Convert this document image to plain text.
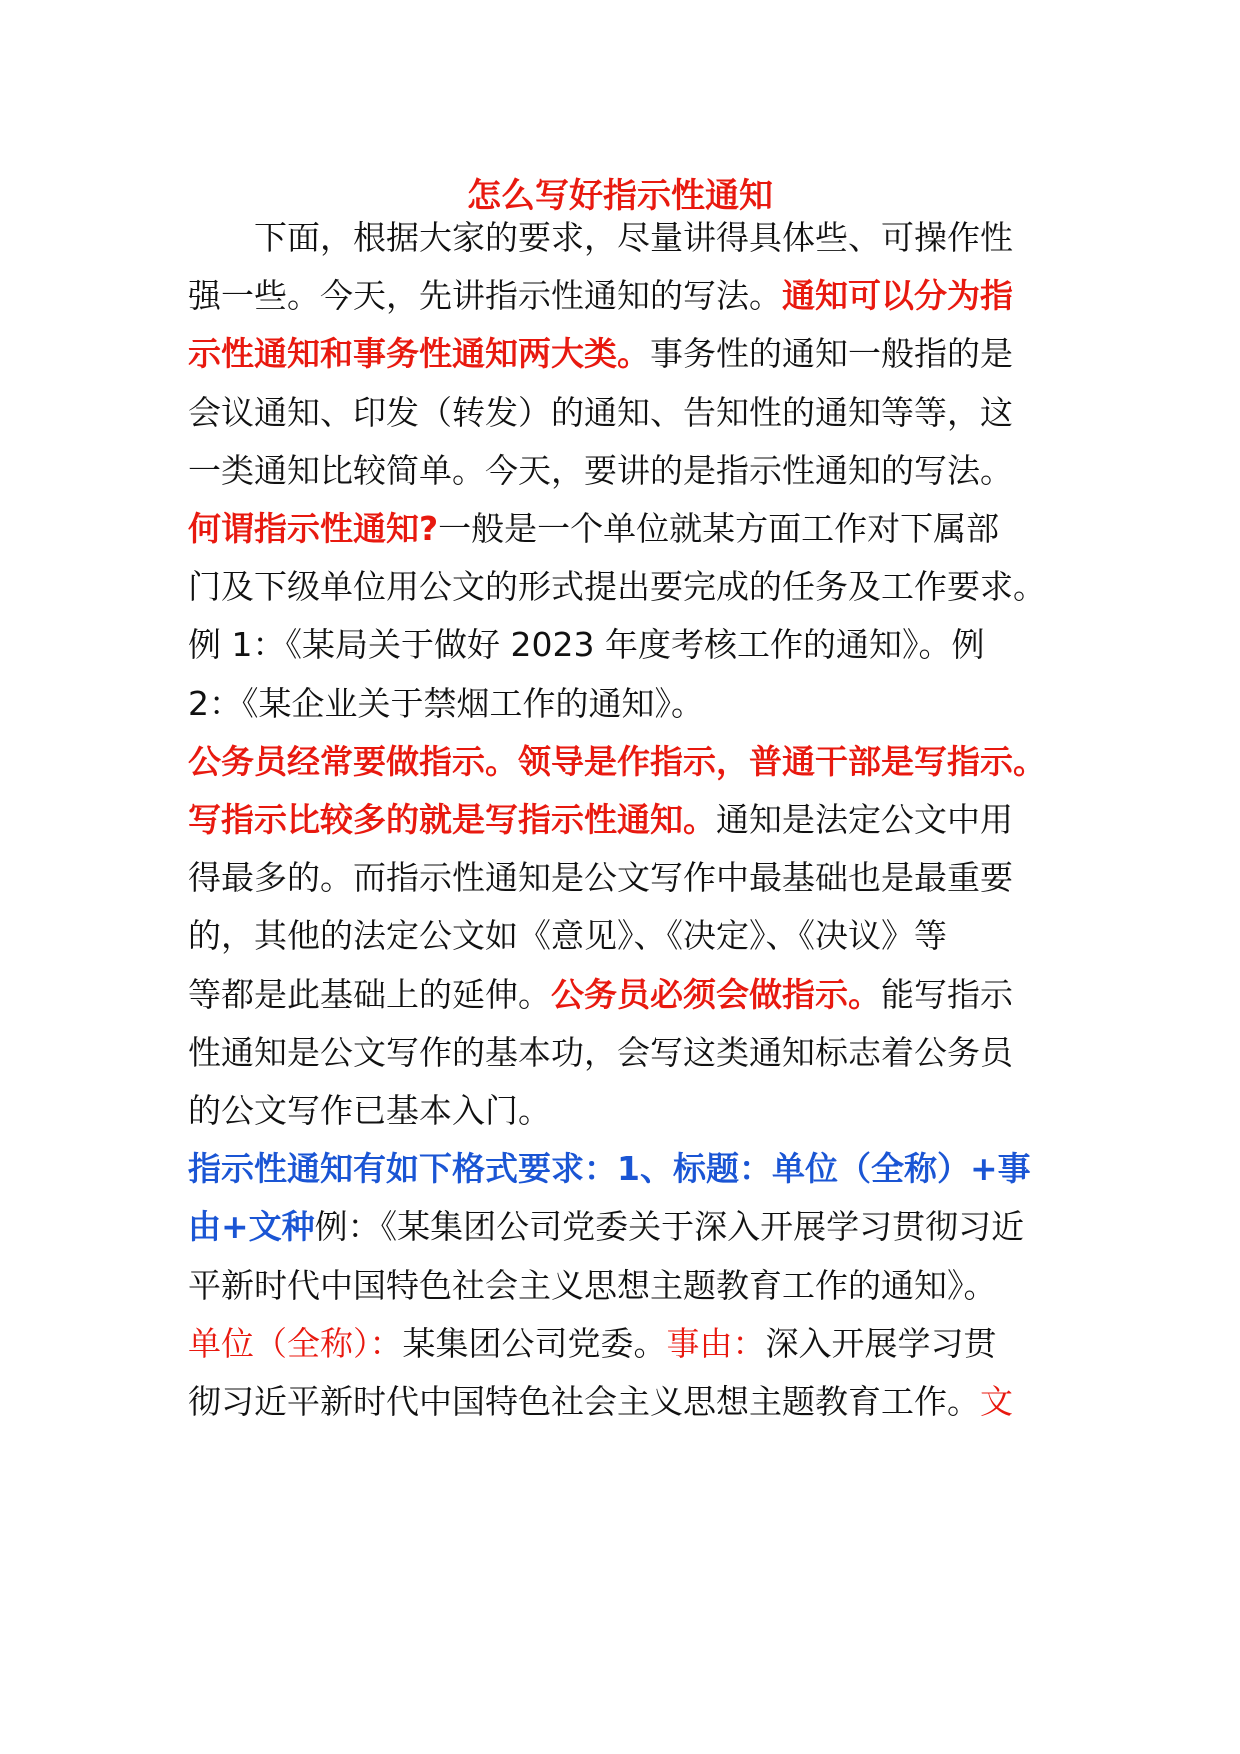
怎么写好指示性通知
　　下面，根据大家的要求，尽量讲得具体些、可操作性
强一些。今天，先讲指示性通知的写法。通知可以分为指
示性通知和事务性通知两大类。事务性的通知一般指的是
会议通知、印发（转发）的通知、告知性的通知等等，这
一类通知比较简单。今天，要讲的是指示性通知的写法。
何谓指示性通知?一般是一个单位就某方面工作对下属部
门及下级单位用公文的形式提出要完成的任务及工作要求。
例 1：《某局关于做好 2023 年度考核工作的通知》。例
2：《某企业关于禁烟工作的通知》。
公务员经常要做指示。领导是作指示，普通干部是写指示。
写指示比较多的就是写指示性通知。通知是法定公文中用
得最多的。而指示性通知是公文写作中最基础也是最重要
的，其他的法定公文如《意见》、《决定》、《决议》等
等都是此基础上的延伸。公务员必须会做指示。能写指示
性通知是公文写作的基本功，会写这类通知标志着公务员
的公文写作已基本入门。
指示性通知有如下格式要求：1、标题：单位（全称）+事
由+文种例：《某集团公司党委关于深入开展学习贯彻习近
平新时代中国特色社会主义思想主题教育工作的通知》。
单位（全称）：某集团公司党委。事由：深入开展学习贯
彻习近平新时代中国特色社会主义思想主题教育工作。文
